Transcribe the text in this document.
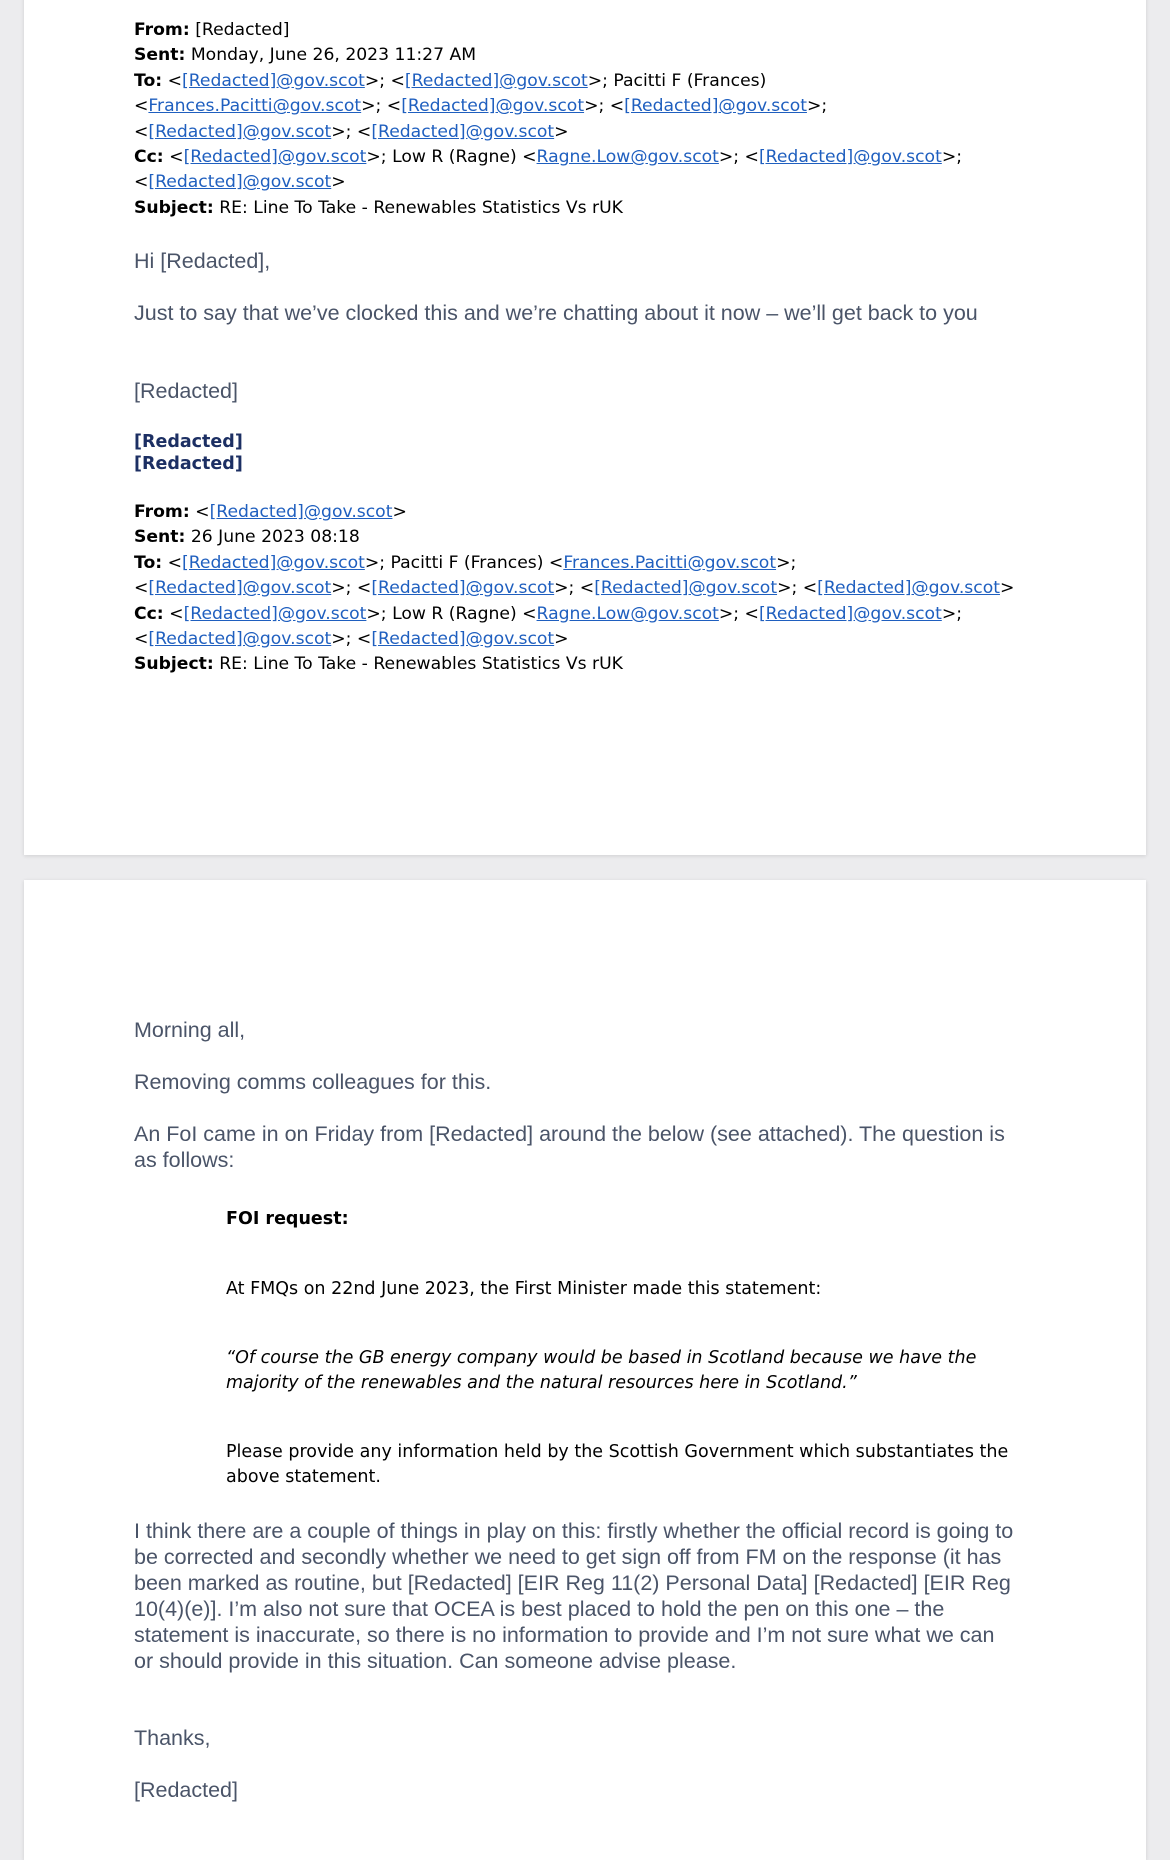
From: [Redacted]
Sent: Monday, June 26, 2023 11:27 AM
To: <[Redacted]@gov.scot>; <[Redacted]@gov.scot>; Pacitti F (Frances)
<Frances.Pacitti@gov.scot>; <[Redacted]@gov.scot>; <[Redacted]@gov.scot>;
<[Redacted]@gov.scot>; <[Redacted]@gov.scot>
Cc: <[Redacted]@gov.scot>; Low R (Ragne) <Ragne.Low@gov.scot>; <[Redacted]@gov.scot>;
<[Redacted]@gov.scot>
Subject: RE: Line To Take - Renewables Statistics Vs rUK
Hi [Redacted],
Just to say that we’ve clocked this and we’re chatting about it now – we’ll get back to you
[Redacted]
[Redacted]
[Redacted]
From: <[Redacted]@gov.scot>
Sent: 26 June 2023 08:18
To: <[Redacted]@gov.scot>; Pacitti F (Frances) <Frances.Pacitti@gov.scot>;
<[Redacted]@gov.scot>; <[Redacted]@gov.scot>; <[Redacted]@gov.scot>; <[Redacted]@gov.scot>
Cc: <[Redacted]@gov.scot>; Low R (Ragne) <Ragne.Low@gov.scot>; <[Redacted]@gov.scot>;
<[Redacted]@gov.scot>; <[Redacted]@gov.scot>
Subject: RE: Line To Take - Renewables Statistics Vs rUK
Morning all,
Removing comms colleagues for this.
An FoI came in on Friday from [Redacted] around the below (see attached). The question is as follows:
FOI request:
At FMQs on 22nd June 2023, the First Minister made this statement:
“Of course the GB energy company would be based in Scotland because we have the majority of the renewables and the natural resources here in Scotland.”
Please provide any information held by the Scottish Government which substantiates the above statement.
I think there are a couple of things in play on this: firstly whether the official record is going to be corrected and secondly whether we need to get sign off from FM on the response (it has been marked as routine, but [Redacted] [EIR Reg 11(2) Personal Data] [Redacted] [EIR Reg 10(4)(e)]. I’m also not sure that OCEA is best placed to hold the pen on this one – the statement is inaccurate, so there is no information to provide and I’m not sure what we can or should provide in this situation. Can someone advise please.
Thanks,
[Redacted]
